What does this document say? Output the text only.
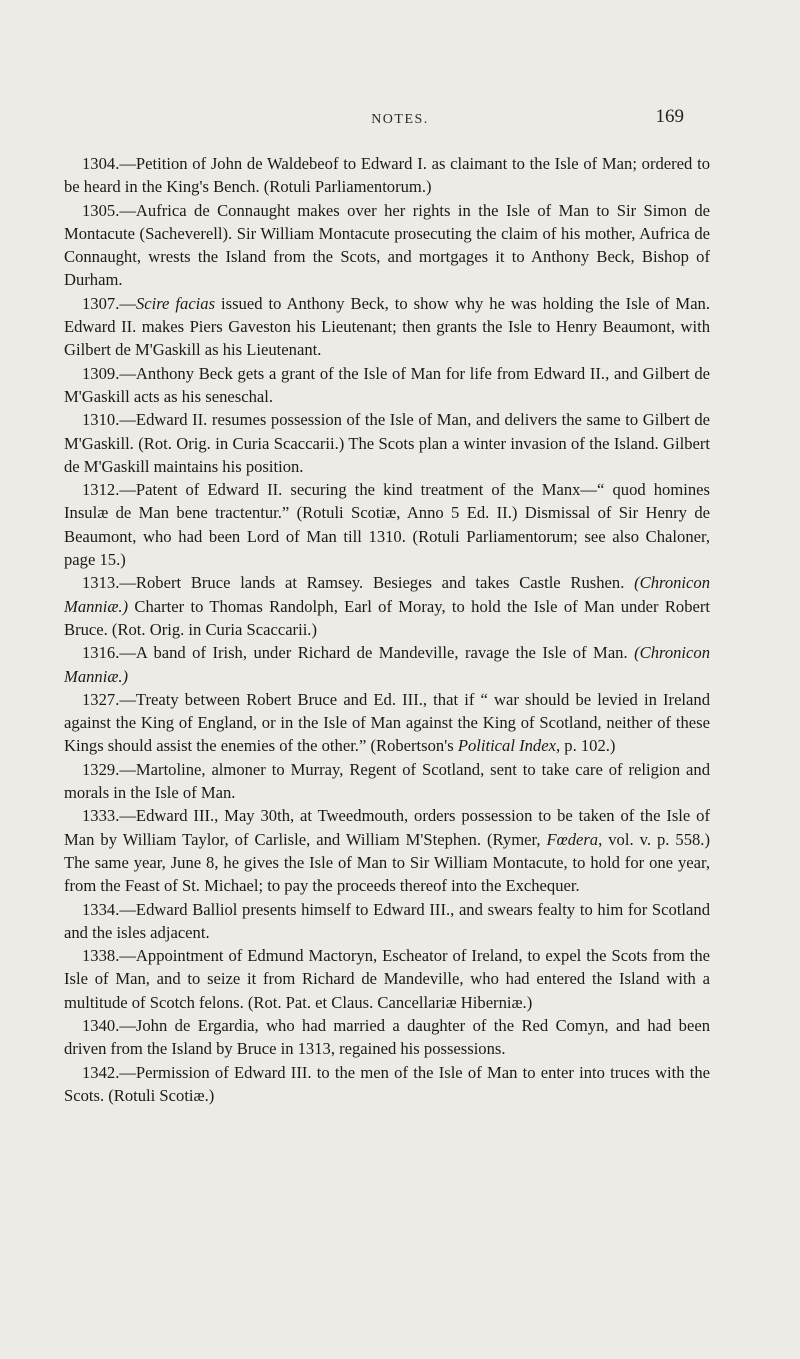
NOTES.	169

1304.—Petition of John de Waldebeof to Edward I. as claimant to the Isle of Man; ordered to be heard in the King's Bench. (Rotuli Parliamentorum.)

1305.—Aufrica de Connaught makes over her rights in the Isle of Man to Sir Simon de Montacute (Sacheverell). Sir William Montacute prosecuting the claim of his mother, Aufrica de Connaught, wrests the Island from the Scots, and mortgages it to Anthony Beck, Bishop of Durham.

1307.—Scire facias issued to Anthony Beck, to show why he was holding the Isle of Man. Edward II. makes Piers Gaveston his Lieutenant; then grants the Isle to Henry Beaumont, with Gilbert de M'Gaskill as his Lieutenant.

1309.—Anthony Beck gets a grant of the Isle of Man for life from Edward II., and Gilbert de M'Gaskill acts as his seneschal.

1310.—Edward II. resumes possession of the Isle of Man, and delivers the same to Gilbert de M'Gaskill. (Rot. Orig. in Curia Scaccarii.) The Scots plan a winter invasion of the Island. Gilbert de M'Gaskill maintains his position.

1312.—Patent of Edward II. securing the kind treatment of the Manx—“ quod homines Insulæ de Man bene tractentur.” (Rotuli Scotiæ, Anno 5 Ed. II.) Dismissal of Sir Henry de Beaumont, who had been Lord of Man till 1310. (Rotuli Parliamentorum; see also Chaloner, page 15.)

1313.—Robert Bruce lands at Ramsey. Besieges and takes Castle Rushen. (Chronicon Manniæ.) Charter to Thomas Randolph, Earl of Moray, to hold the Isle of Man under Robert Bruce. (Rot. Orig. in Curia Scaccarii.)

1316.—A band of Irish, under Richard de Mandeville, ravage the Isle of Man. (Chronicon Manniæ.)

1327.—Treaty between Robert Bruce and Ed. III., that if “ war should be levied in Ireland against the King of England, or in the Isle of Man against the King of Scotland, neither of these Kings should assist the enemies of the other.” (Robertson's Political Index, p. 102.)

1329.—Martoline, almoner to Murray, Regent of Scotland, sent to take care of religion and morals in the Isle of Man.

1333.—Edward III., May 30th, at Tweedmouth, orders possession to be taken of the Isle of Man by William Taylor, of Carlisle, and William M'Stephen. (Rymer, Fœdera, vol. v. p. 558.) The same year, June 8, he gives the Isle of Man to Sir William Montacute, to hold for one year, from the Feast of St. Michael; to pay the proceeds thereof into the Exchequer.

1334.—Edward Balliol presents himself to Edward III., and swears fealty to him for Scotland and the isles adjacent.

1338.—Appointment of Edmund Mactoryn, Escheator of Ireland, to expel the Scots from the Isle of Man, and to seize it from Richard de Mandeville, who had entered the Island with a multitude of Scotch felons. (Rot. Pat. et Claus. Cancellariæ Hiberniæ.)

1340.—John de Ergardia, who had married a daughter of the Red Comyn, and had been driven from the Island by Bruce in 1313, regained his possessions.

1342.—Permission of Edward III. to the men of the Isle of Man to enter into truces with the Scots. (Rotuli Scotiæ.)
